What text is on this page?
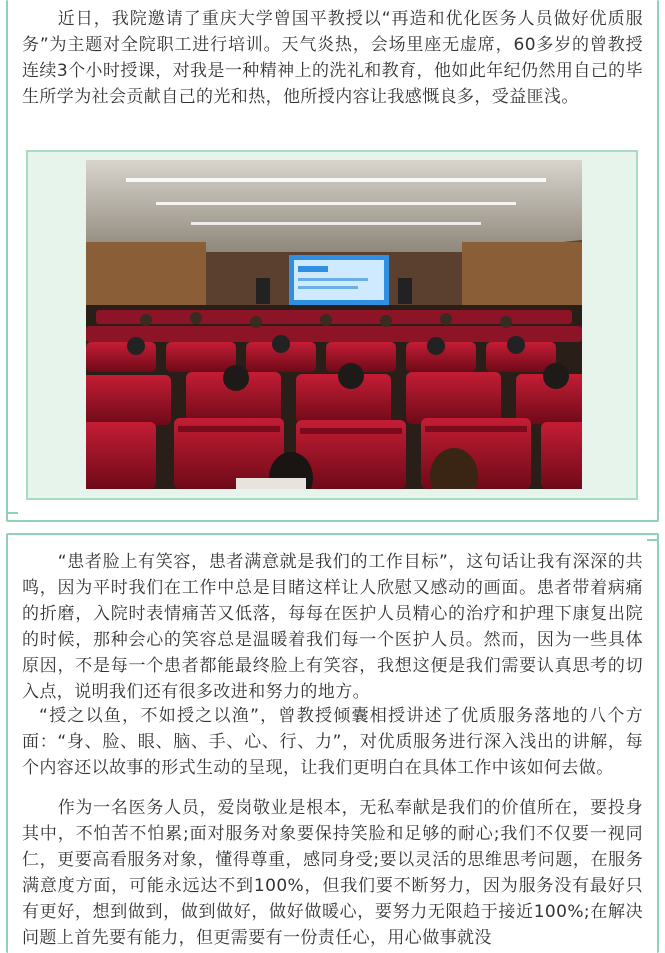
近日，我院邀请了重庆大学曾国平教授以“再造和优化医务人员做好优质服务”为主题对全院职工进行培训。天气炎热，会场里座无虚席，60多岁的曾教授连续3个小时授课，对我是一种精神上的洗礼和教育，他如此年纪仍然用自己的毕生所学为社会贡献自己的光和热，他所授内容让我感慨良多，受益匪浅。

“患者脸上有笑容，患者满意就是我们的工作目标”，这句话让我有深深的共鸣，因为平时我们在工作中总是目睹这样让人欣慰又感动的画面。患者带着病痛的折磨，入院时表情痛苦又低落，每每在医护人员精心的治疗和护理下康复出院的时候，那种会心的笑容总是温暖着我们每一个医护人员。然而，因为一些具体原因，不是每一个患者都能最终脸上有笑容，我想这便是我们需要认真思考的切入点，说明我们还有很多改进和努力的地方。

“授之以鱼，不如授之以渔”，曾教授倾囊相授讲述了优质服务落地的八个方面：“身、脸、眼、脑、手、心、行、力”，对优质服务进行深入浅出的讲解，每个内容还以故事的形式生动的呈现，让我们更明白在具体工作中该如何去做。

作为一名医务人员，爱岗敬业是根本，无私奉献是我们的价值所在，要投身其中，不怕苦不怕累;面对服务对象要保持笑脸和足够的耐心;我们不仅要一视同仁，更要高看服务对象，懂得尊重，感同身受;要以灵活的思维思考问题，在服务满意度方面，可能永远达不到100%，但我们要不断努力，因为服务没有最好只有更好，想到做到，做到做好，做好做暖心，要努力无限趋于接近100%;在解决问题上首先要有能力，但更需要有一份责任心，用心做事就没
